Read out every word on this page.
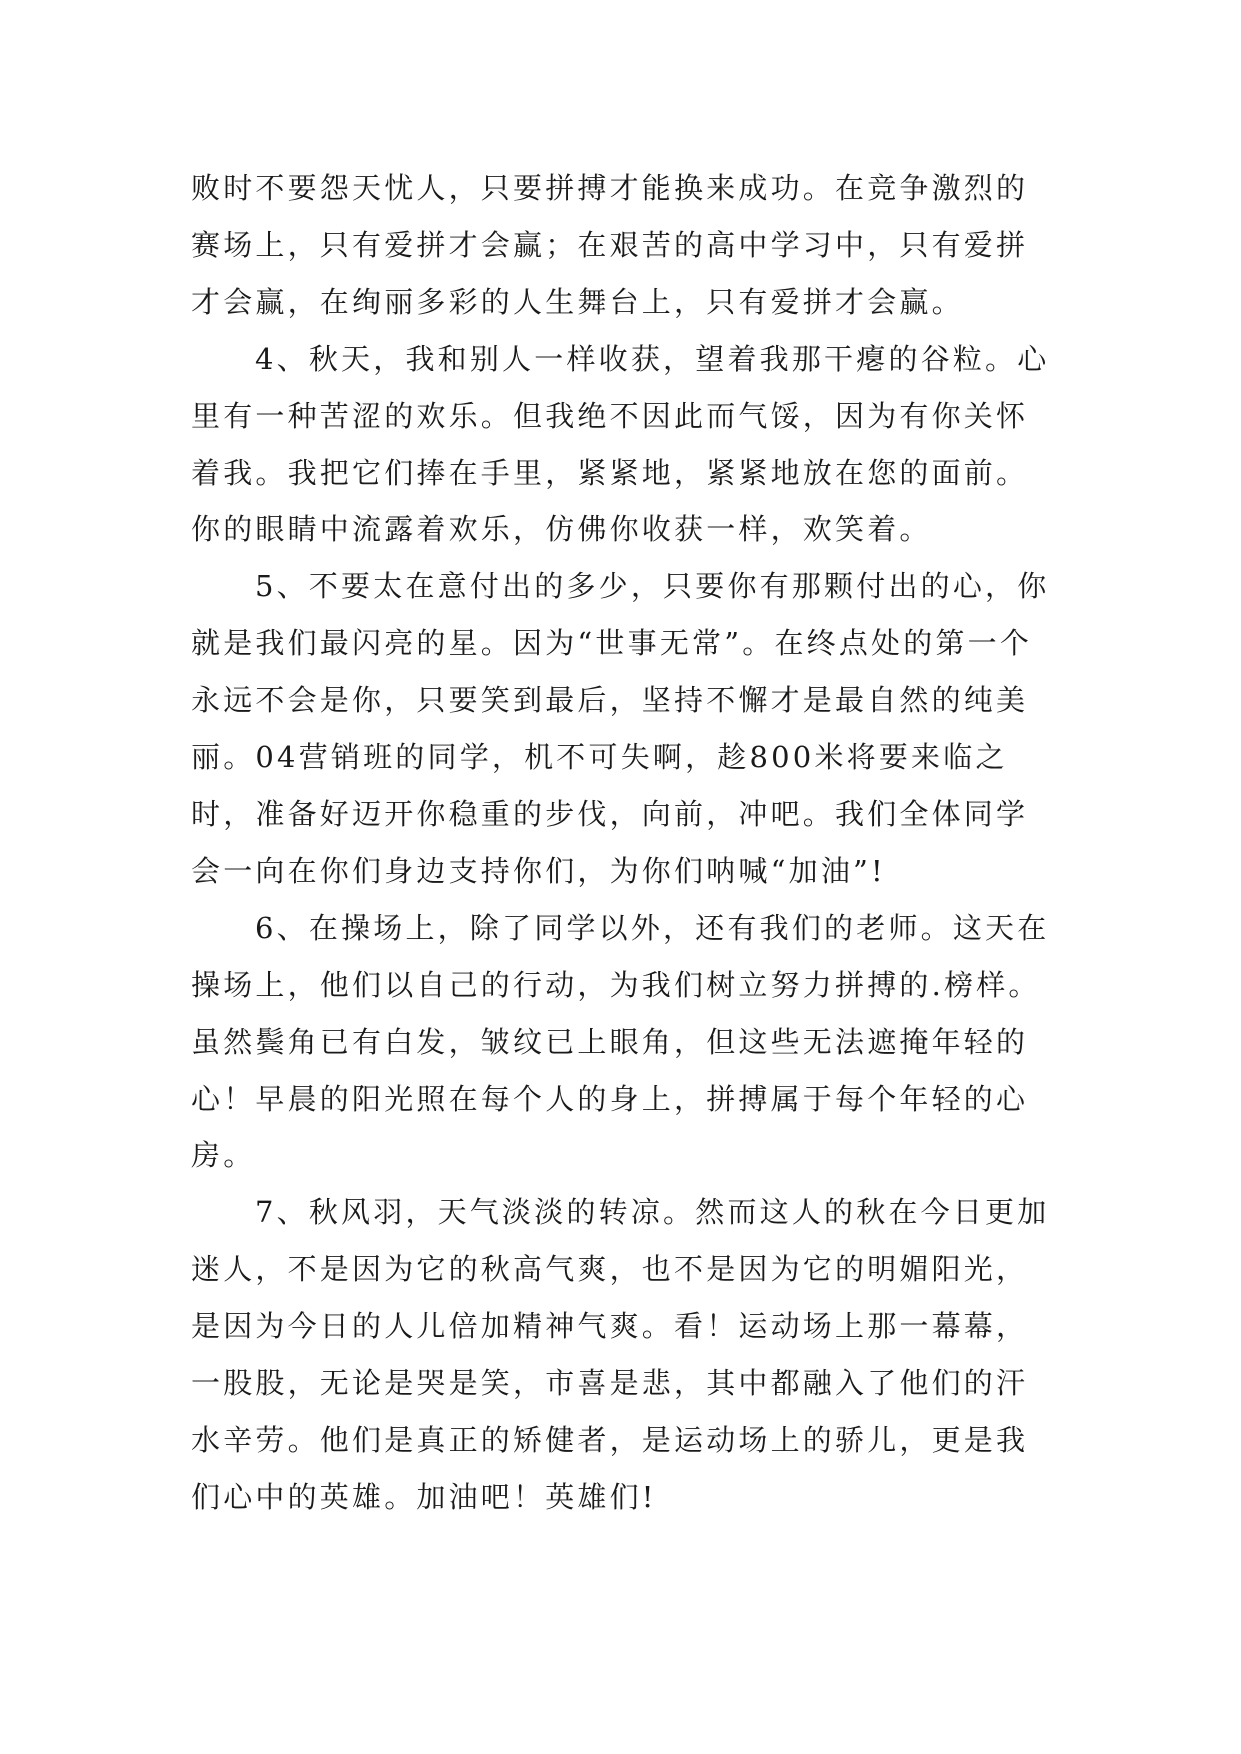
败时不要怨天忧人，只要拼搏才能换来成功。在竞争激烈的赛场上，只有爱拼才会赢；在艰苦的高中学习中，只有爱拼才会赢，在绚丽多彩的人生舞台上，只有爱拼才会赢。

4、秋天，我和别人一样收获，望着我那干瘪的谷粒。心里有一种苦涩的欢乐。但我绝不因此而气馁，因为有你关怀着我。我把它们捧在手里，紧紧地，紧紧地放在您的面前。你的眼睛中流露着欢乐，仿佛你收获一样，欢笑着。

5、不要太在意付出的多少，只要你有那颗付出的心，你就是我们最闪亮的星。因为“世事无常”。在终点处的第一个永远不会是你，只要笑到最后，坚持不懈才是最自然的纯美丽。04营销班的同学，机不可失啊，趁800米将要来临之时，准备好迈开你稳重的步伐，向前，冲吧。我们全体同学会一向在你们身边支持你们，为你们呐喊“加油”!

6、在操场上，除了同学以外，还有我们的老师。这天在操场上，他们以自己的行动，为我们树立努力拼搏的.榜样。虽然鬓角已有白发，皱纹已上眼角，但这些无法遮掩年轻的心！早晨的阳光照在每个人的身上，拼搏属于每个年轻的心房。

7、秋风羽，天气淡淡的转凉。然而这人的秋在今日更加迷人，不是因为它的秋高气爽，也不是因为它的明媚阳光，是因为今日的人儿倍加精神气爽。看！运动场上那一幕幕，一股股，无论是哭是笑，市喜是悲，其中都融入了他们的汗水辛劳。他们是真正的矫健者，是运动场上的骄儿，更是我们心中的英雄。加油吧！英雄们!
